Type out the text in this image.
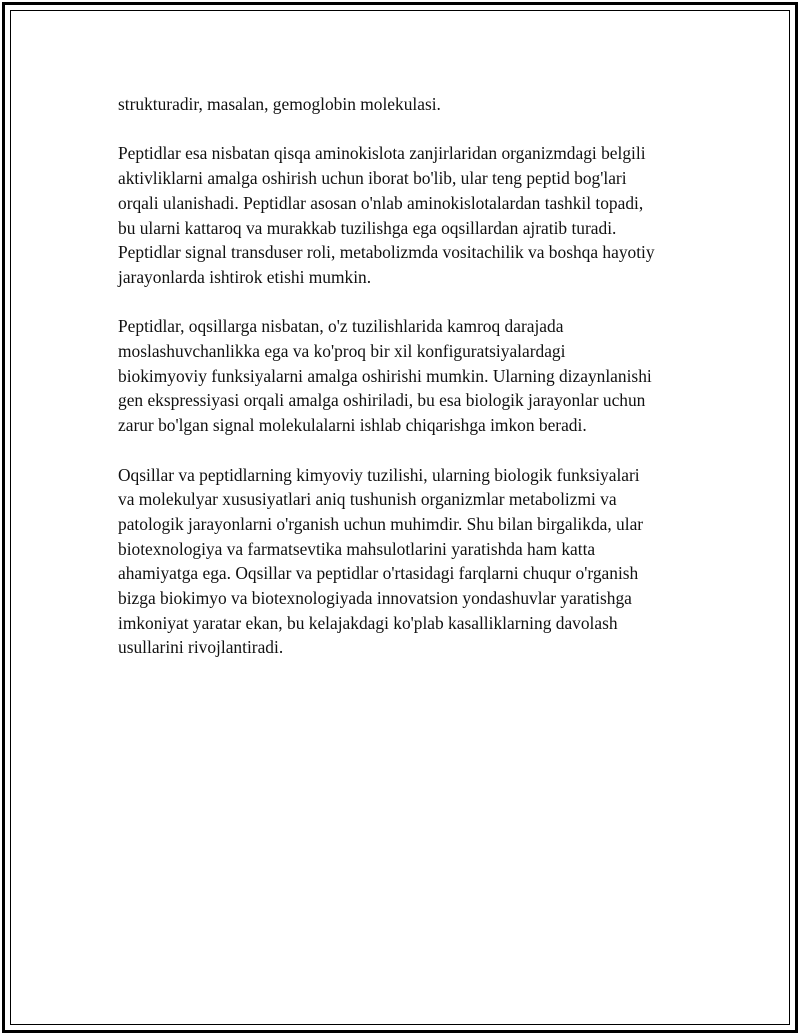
strukturadir, masalan, gemoglobin molekulasi.
Peptidlar esa nisbatan qisqa aminokislota zanjirlaridan organizmdagi belgili
aktivliklarni amalga oshirish uchun iborat bo'lib, ular teng peptid bog'lari
orqali ulanishadi. Peptidlar asosan o'nlab aminokislotalardan tashkil topadi,
bu ularni kattaroq va murakkab tuzilishga ega oqsillardan ajratib turadi.
Peptidlar signal transduser roli, metabolizmda vositachilik va boshqa hayotiy
jarayonlarda ishtirok etishi mumkin.
Peptidlar, oqsillarga nisbatan, o'z tuzilishlarida kamroq darajada
moslashuvchanlikka ega va ko'proq bir xil konfiguratsiyalardagi
biokimyoviy funksiyalarni amalga oshirishi mumkin. Ularning dizaynlanishi
gen ekspressiyasi orqali amalga oshiriladi, bu esa biologik jarayonlar uchun
zarur bo'lgan signal molekulalarni ishlab chiqarishga imkon beradi.
Oqsillar va peptidlarning kimyoviy tuzilishi, ularning biologik funksiyalari
va molekulyar xususiyatlari aniq tushunish organizmlar metabolizmi va
patologik jarayonlarni o'rganish uchun muhimdir. Shu bilan birgalikda, ular
biotexnologiya va farmatsevtika mahsulotlarini yaratishda ham katta
ahamiyatga ega. Oqsillar va peptidlar o'rtasidagi farqlarni chuqur o'rganish
bizga biokimyo va biotexnologiyada innovatsion yondashuvlar yaratishga
imkoniyat yaratar ekan, bu kelajakdagi ko'plab kasalliklarning davolash
usullarini rivojlantiradi.
